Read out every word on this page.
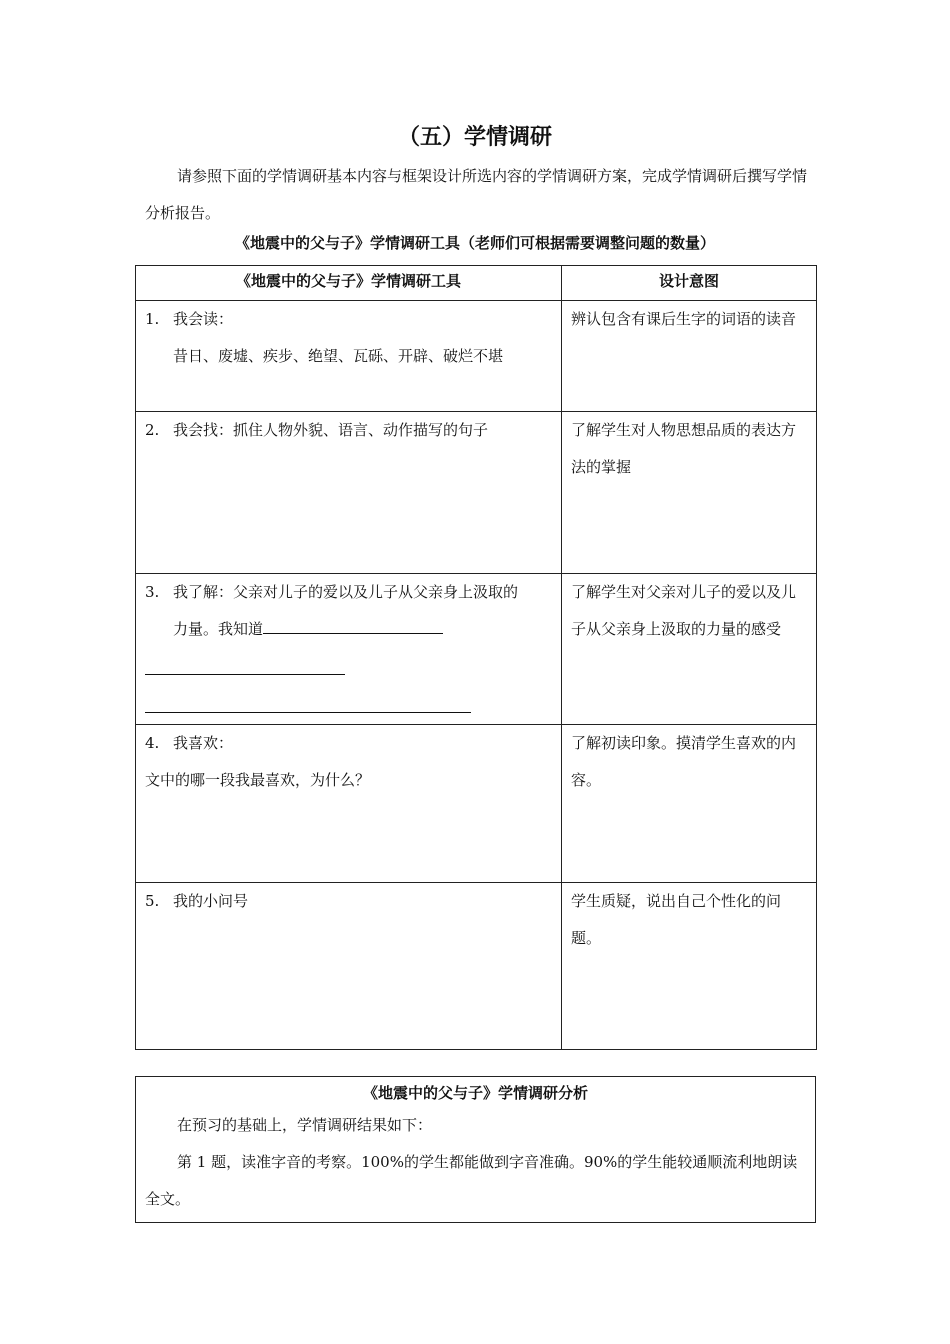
（五）学情调研

请参照下面的学情调研基本内容与框架设计所选内容的学情调研方案，完成学情调研后撰写学情分析报告。

《地震中的父与子》学情调研工具（老师们可根据需要调整问题的数量）
《地震中的父与子》学情调研工具	设计意图

1. 我会读：
昔日、废墟、疾步、绝望、瓦砾、开辟、破烂不堪	辨认包含有课后生字的词语的读音

2. 我会找：抓住人物外貌、语言、动作描写的句子	了解学生对人物思想品质的表达方法的掌握

3. 我了解：父亲对儿子的爱以及儿子从父亲身上汲取的
力量。我知道	了解学生对父亲对儿子的爱以及儿子从父亲身上汲取的力量的感受

4. 我喜欢：
文中的哪一段我最喜欢，为什么？	了解初读印象。摸清学生喜欢的内容。

5. 我的小问号	学生质疑，说出自己个性化的问题。
《地震中的父与子》学情调研分析

在预习的基础上，学情调研结果如下：

第 1 题，读准字音的考察。100%的学生都能做到字音准确。90%的学生能较通顺流利地朗读全文。
